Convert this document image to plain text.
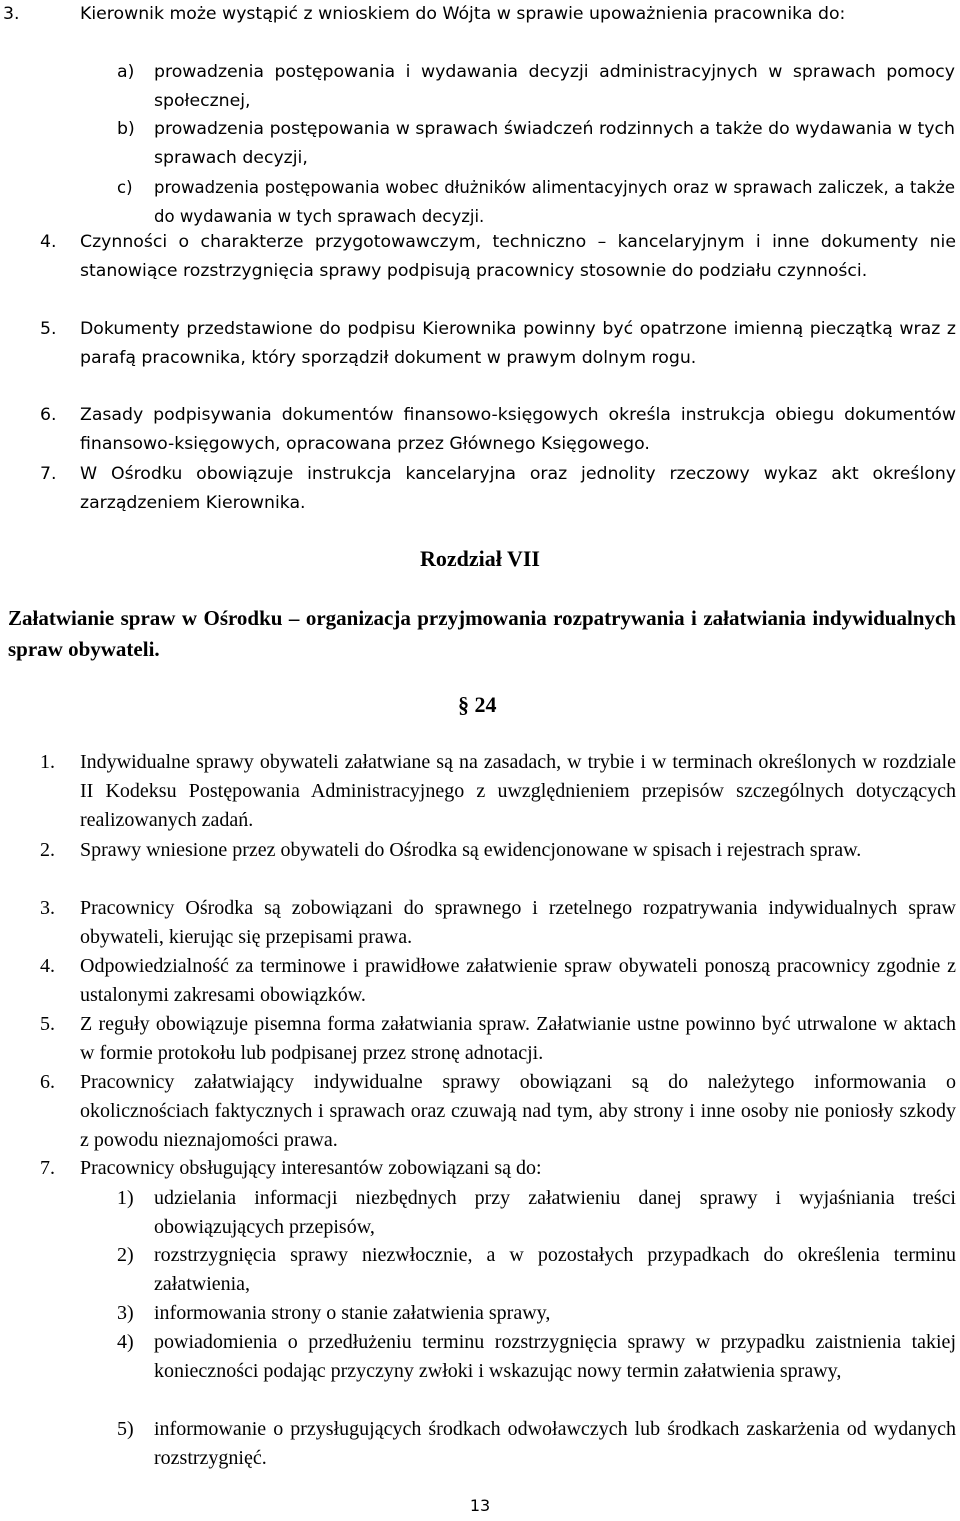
3.	Kierownik może wystąpić z wnioskiem do Wójta w sprawie upoważnienia pracownika do:
a)	prowadzenia postępowania i wydawania decyzji administracyjnych w sprawach pomocy społecznej,
b)	prowadzenia postępowania w sprawach świadczeń rodzinnych a także do wydawania w tych sprawach decyzji,
c)	prowadzenia postępowania wobec dłużników alimentacyjnych oraz w sprawach zaliczek, a także do wydawania w tych sprawach decyzji.
4.	Czynności o charakterze przygotowawczym, techniczno – kancelaryjnym i inne dokumenty nie stanowiące rozstrzygnięcia sprawy podpisują pracownicy stosownie do podziału czynności.
5.	Dokumenty przedstawione do podpisu Kierownika powinny być opatrzone imienną pieczątką wraz z parafą pracownika, który sporządził dokument w prawym dolnym rogu.
6.	Zasady podpisywania dokumentów finansowo-księgowych określa instrukcja obiegu dokumentów finansowo-księgowych, opracowana przez Głównego Księgowego.
7.	W Ośrodku obowiązuje instrukcja kancelaryjna oraz jednolity rzeczowy wykaz akt określony zarządzeniem Kierownika.
Rozdział VII
Załatwianie spraw w Ośrodku – organizacja przyjmowania rozpatrywania i załatwiania indywidualnych spraw obywateli.
§ 24
1.	Indywidualne sprawy obywateli załatwiane są na zasadach, w trybie i w terminach określonych w rozdziale II Kodeksu Postępowania Administracyjnego z uwzględnieniem przepisów szczególnych dotyczących realizowanych zadań.
2.	Sprawy wniesione przez obywateli do Ośrodka są ewidencjonowane w spisach i rejestrach spraw.
3.	Pracownicy Ośrodka są zobowiązani do sprawnego i rzetelnego rozpatrywania indywidualnych spraw obywateli, kierując się przepisami prawa.
4.	Odpowiedzialność za terminowe i prawidłowe załatwienie spraw obywateli ponoszą pracownicy zgodnie z ustalonymi zakresami obowiązków.
5.	Z reguły obowiązuje pisemna forma załatwiania spraw. Załatwianie ustne powinno być utrwalone w aktach w formie protokołu lub podpisanej przez stronę adnotacji.
6.	Pracownicy załatwiający indywidualne sprawy obowiązani są do należytego informowania o okolicznościach faktycznych i sprawach oraz czuwają nad tym, aby strony i inne osoby nie poniosły szkody z powodu nieznajomości prawa.
7.	Pracownicy obsługujący interesantów zobowiązani są do:
1)	udzielania informacji niezbędnych przy załatwieniu danej sprawy i wyjaśniania treści obowiązujących przepisów,
2)	rozstrzygnięcia sprawy niezwłocznie, a w pozostałych przypadkach do określenia terminu załatwienia,
3)	informowania strony o stanie załatwienia sprawy,
4)	powiadomienia o przedłużeniu terminu rozstrzygnięcia sprawy w przypadku zaistnienia takiej konieczności podając przyczyny zwłoki i wskazując nowy termin załatwienia sprawy,
5)	informowanie o przysługujących środkach odwoławczych lub środkach zaskarżenia od wydanych rozstrzygnięć.
13
